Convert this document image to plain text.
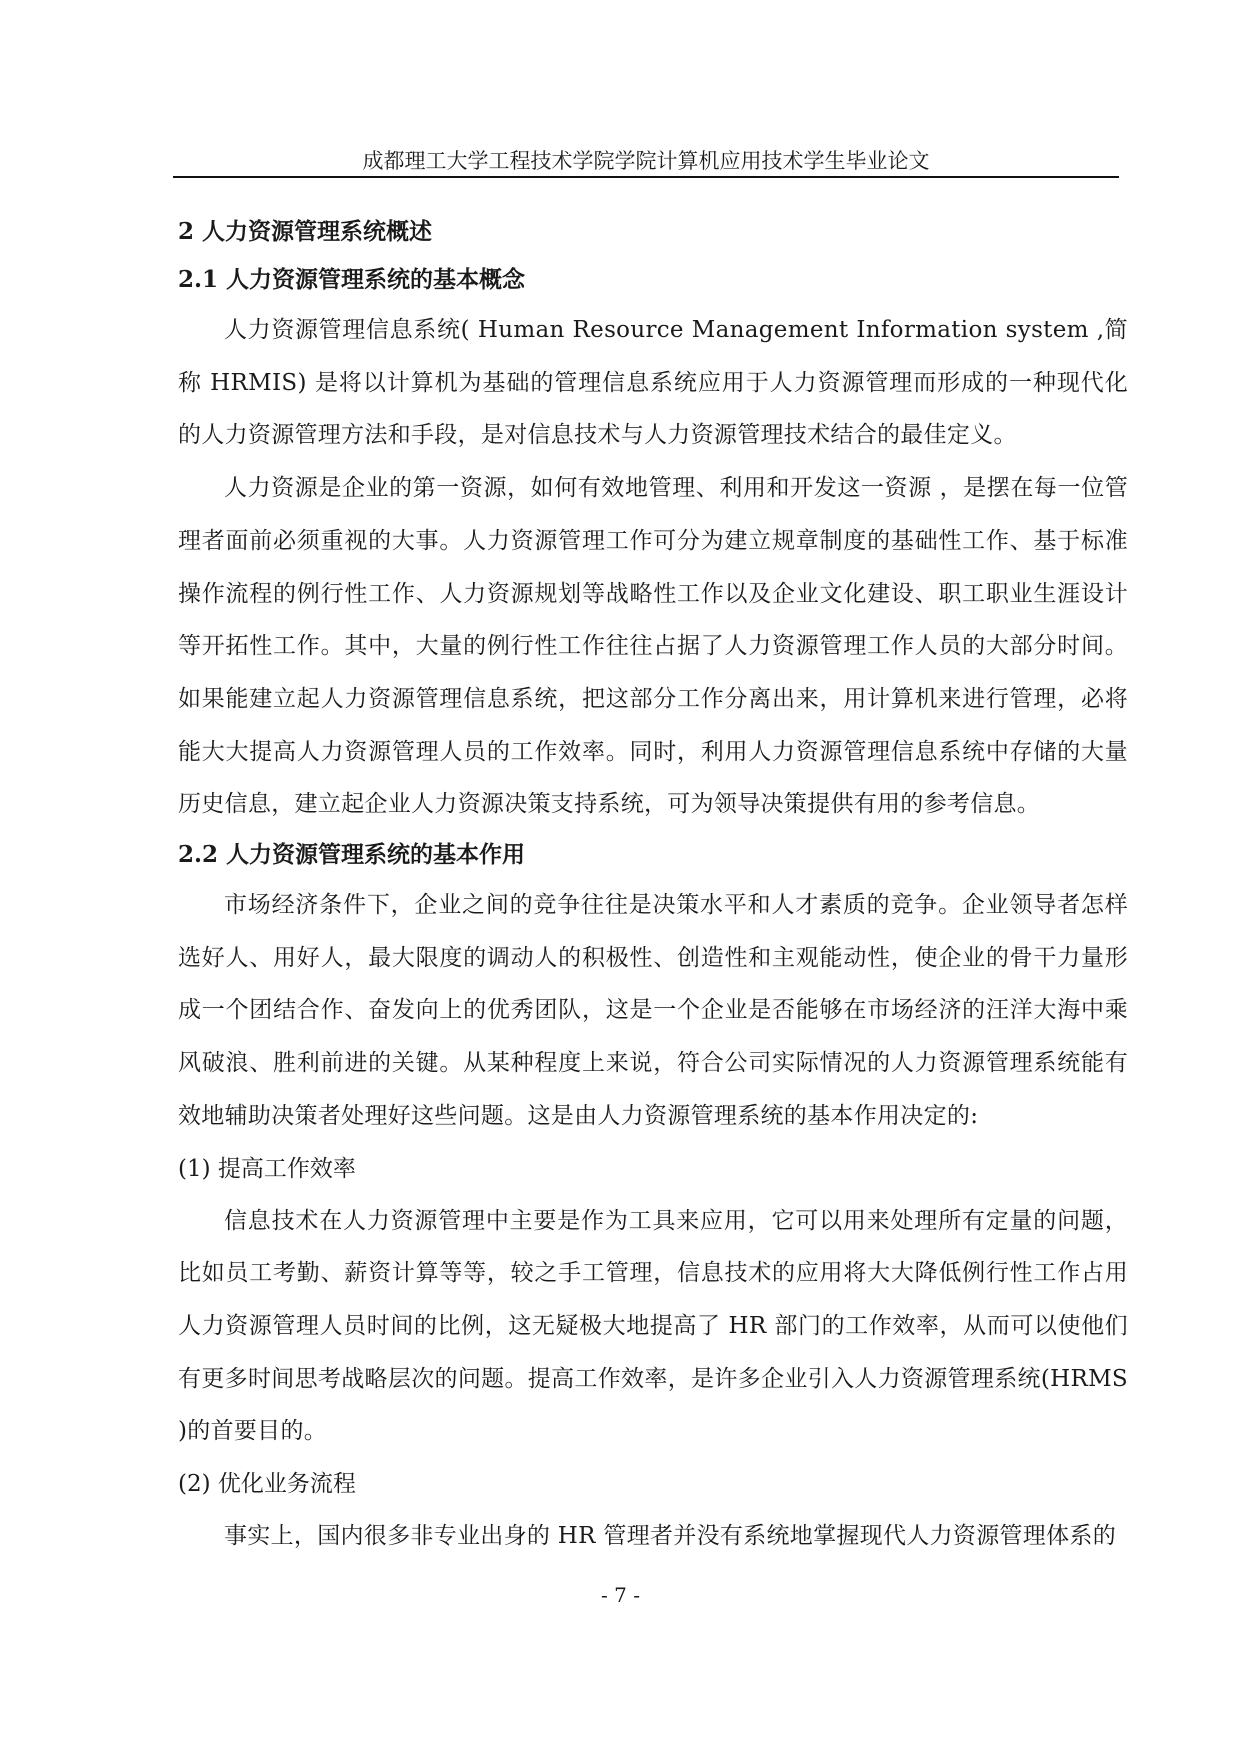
成都理工大学工程技术学院学院计算机应用技术学生毕业论文
2 人力资源管理系统概述
2.1 人力资源管理系统的基本概念

人力资源管理信息系统( Human Resource Management Information system ,简称 HRMIS) 是将以计算机为基础的管理信息系统应用于人力资源管理而形成的一种现代化的人力资源管理方法和手段，是对信息技术与人力资源管理技术结合的最佳定义。

人力资源是企业的第一资源，如何有效地管理、利用和开发这一资源 ，是摆在每一位管理者面前必须重视的大事。人力资源管理工作可分为建立规章制度的基础性工作、基于标准操作流程的例行性工作、人力资源规划等战略性工作以及企业文化建设、职工职业生涯设计等开拓性工作。其中，大量的例行性工作往往占据了人力资源管理工作人员的大部分时间。如果能建立起人力资源管理信息系统，把这部分工作分离出来，用计算机来进行管理，必将能大大提高人力资源管理人员的工作效率。同时，利用人力资源管理信息系统中存储的大量历史信息，建立起企业人力资源决策支持系统，可为领导决策提供有用的参考信息。

2.2 人力资源管理系统的基本作用

市场经济条件下，企业之间的竞争往往是决策水平和人才素质的竞争。企业领导者怎样选好人、用好人，最大限度的调动人的积极性、创造性和主观能动性，使企业的骨干力量形成一个团结合作、奋发向上的优秀团队，这是一个企业是否能够在市场经济的汪洋大海中乘风破浪、胜利前进的关键。从某种程度上来说，符合公司实际情况的人力资源管理系统能有效地辅助决策者处理好这些问题。这是由人力资源管理系统的基本作用决定的:

(1) 提高工作效率

信息技术在人力资源管理中主要是作为工具来应用，它可以用来处理所有定量的问题，比如员工考勤、薪资计算等等，较之手工管理，信息技术的应用将大大降低例行性工作占用人力资源管理人员时间的比例，这无疑极大地提高了 HR 部门的工作效率，从而可以使他们有更多时间思考战略层次的问题。提高工作效率，是许多企业引入人力资源管理系统(HRMS )的首要目的。

(2) 优化业务流程

事实上，国内很多非专业出身的 HR 管理者并没有系统地掌握现代人力资源管理体系的

- 7 -
